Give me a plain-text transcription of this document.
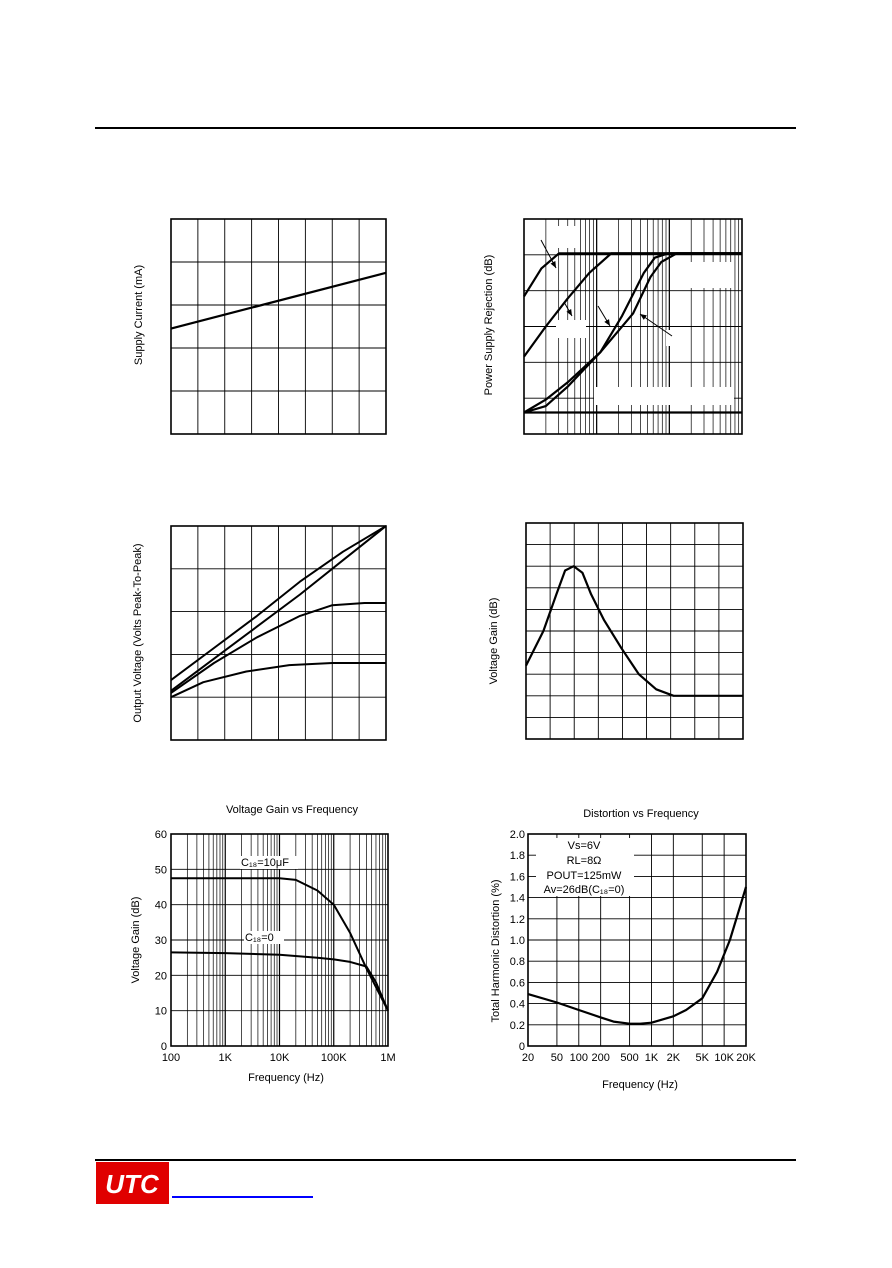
0
10
20
30
40
50
60
100	1K	10K	100K	1M	20 50 100 200 500 1K 2K 5K 10K 20K
0
0.2
0.4
0.6
0.8
1.0
1.2
1.4
1.6
1.8
2.0
Supply Current (mA)	Power Supply Rejection (dB)
Output Voltage (Volts Peak-To-Peak)	Voltage Gain (dB)
Voltage Gain vs Frequency
Frequency (Hz)
Voltage Gain (dB)
C₁₈=10μF
C₁₈=0
Distortion vs Frequency
Frequency (Hz)
Total Harmonic Distortion (%)
Vs=6V
RL=8Ω
POUT=125mW
Av=26dB(C₁₈=0)
UTC
